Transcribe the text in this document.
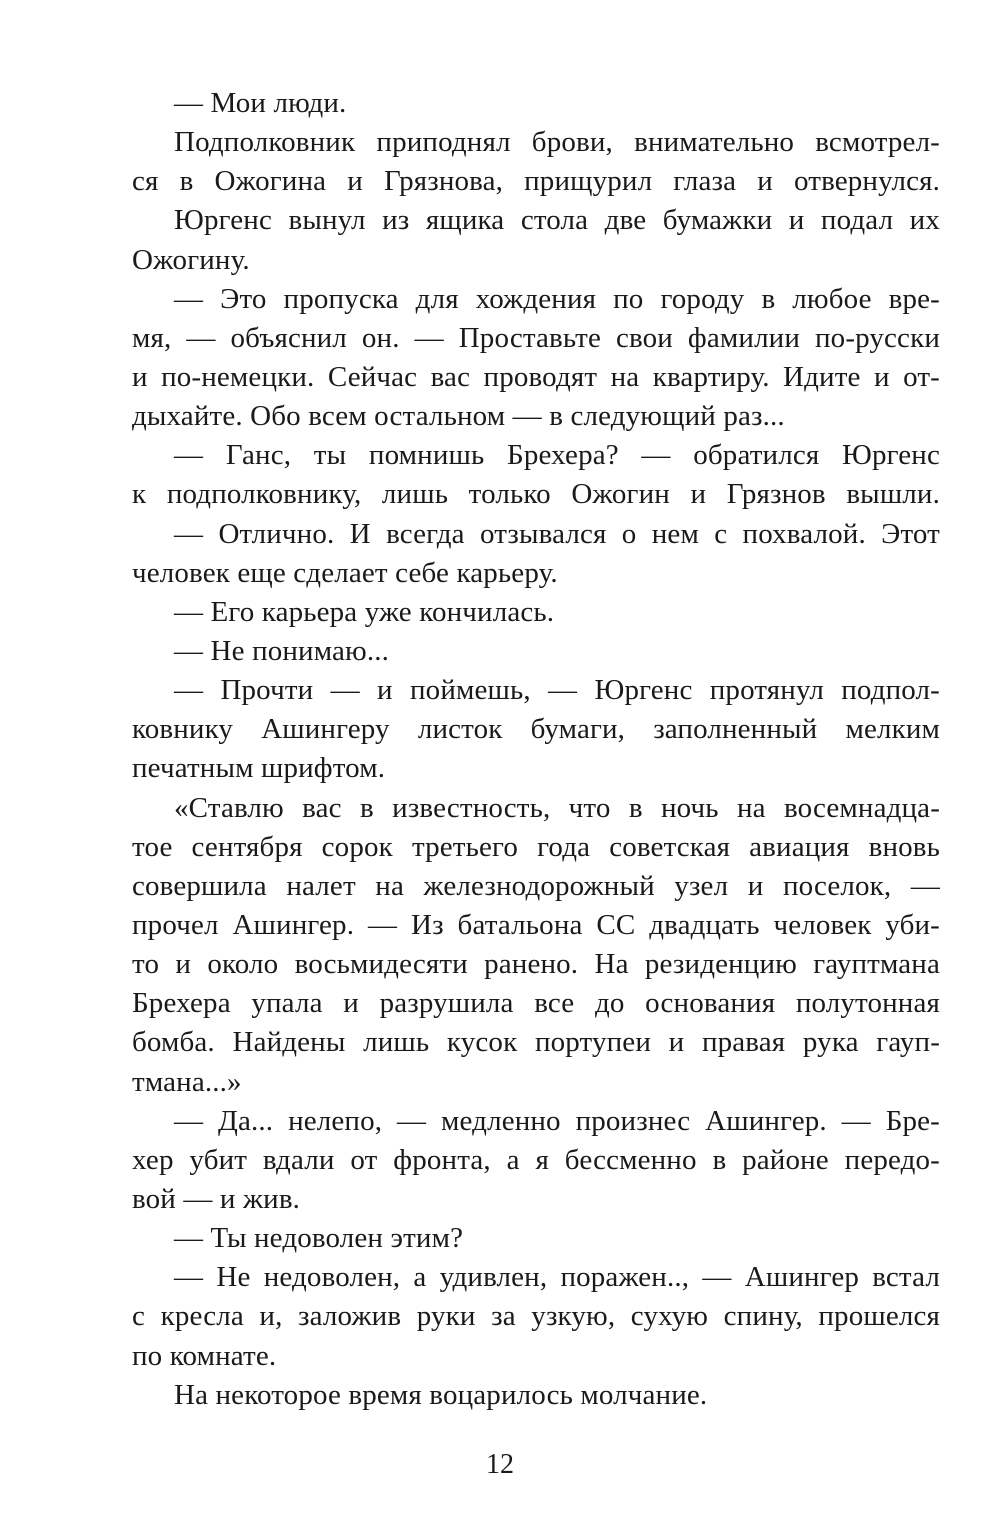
— Мои люди.
Подполковник приподнял брови, внимательно всмотрел-
ся в Ожогина и Грязнова, прищурил глаза и отвернулся.
Юргенс вынул из ящика стола две бумажки и подал их
Ожогину.
— Это пропуска для хождения по городу в любое вре-
мя, — объяснил он. — Проставьте свои фамилии по-русски
и по-немецки. Сейчас вас проводят на квартиру. Идите и от-
дыхайте. Обо всем остальном — в следующий раз...
— Ганс, ты помнишь Брехера? — обратился Юргенс
к подполковнику, лишь только Ожогин и Грязнов вышли.
— Отлично. И всегда отзывался о нем с похвалой. Этот
человек еще сделает себе карьеру.
— Его карьера уже кончилась.
— Не понимаю...
— Прочти — и поймешь, — Юргенс протянул подпол-
ковнику Ашингеру листок бумаги, заполненный мелким
печатным шрифтом.
«Ставлю вас в известность, что в ночь на восемнадца-
тое сентября сорок третьего года советская авиация вновь
совершила налет на железнодорожный узел и поселок, —
прочел Ашингер. — Из батальона СС двадцать человек уби-
то и около восьмидесяти ранено. На резиденцию гауптмана
Брехера упала и разрушила все до основания полутонная
бомба. Найдены лишь кусок портупеи и правая рука гауп-
тмана...»
— Да... нелепо, — медленно произнес Ашингер. — Бре-
хер убит вдали от фронта, а я бессменно в районе передо-
вой — и жив.
— Ты недоволен этим?
— Не недоволен, а удивлен, поражен.., — Ашингер встал
с кресла и, заложив руки за узкую, сухую спину, прошелся
по комнате.
На некоторое время воцарилось молчание.
12
